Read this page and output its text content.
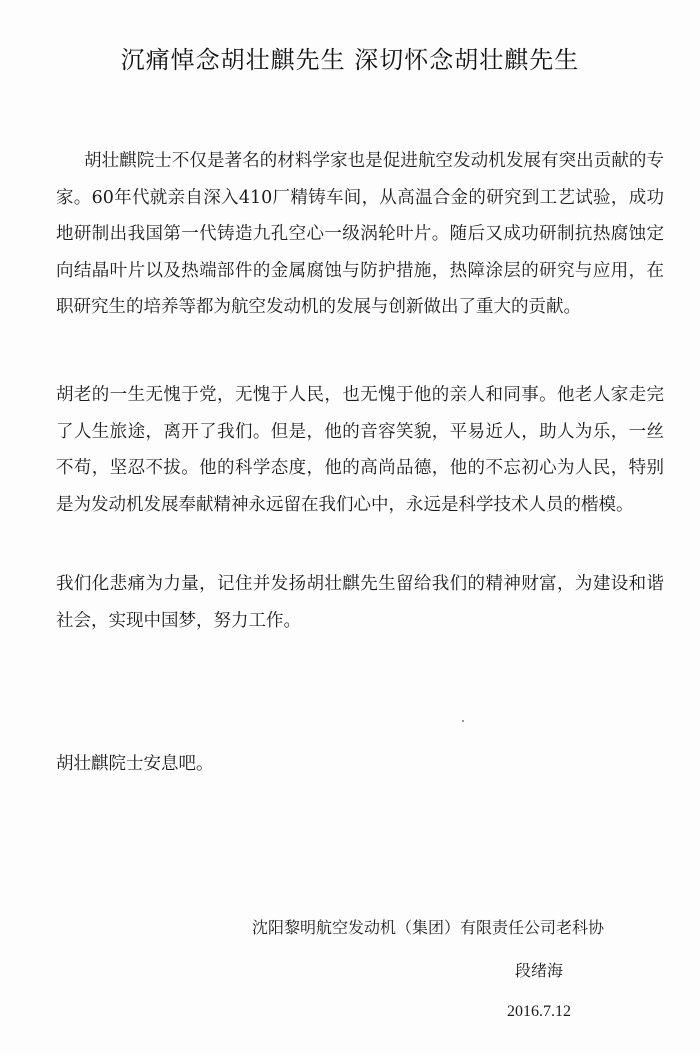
沉痛悼念胡壮麒先生 深切怀念胡壮麒先生

胡壮麒院士不仅是著名的材料学家也是促进航空发动机发展有突出贡献的专家。60年代就亲自深入410厂精铸车间，从高温合金的研究到工艺试验，成功地研制出我国第一代铸造九孔空心一级涡轮叶片。随后又成功研制抗热腐蚀定向结晶叶片以及热端部件的金属腐蚀与防护措施，热障涂层的研究与应用，在职研究生的培养等都为航空发动机的发展与创新做出了重大的贡献。

胡老的一生无愧于党，无愧于人民，也无愧于他的亲人和同事。他老人家走完了人生旅途，离开了我们。但是，他的音容笑貌，平易近人，助人为乐，一丝不苟，坚忍不拔。他的科学态度，他的高尚品德，他的不忘初心为人民，特别是为发动机发展奉献精神永远留在我们心中，永远是科学技术人员的楷模。

我们化悲痛为力量，记住并发扬胡壮麒先生留给我们的精神财富，为建设和谐社会，实现中国梦，努力工作。

胡壮麒院士安息吧。
沈阳黎明航空发动机（集团）有限责任公司老科协
段绪海
2016.7.12
